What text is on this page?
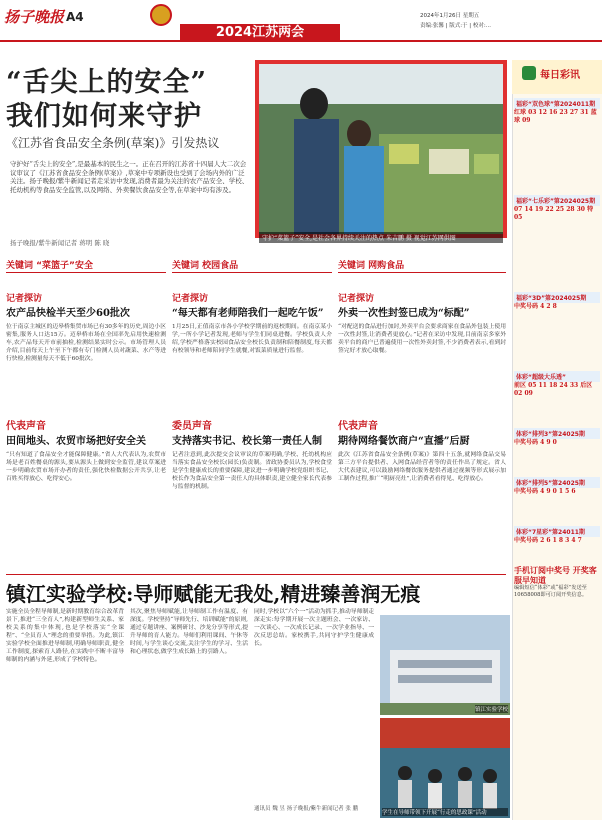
扬子晚报 A4
2024江苏两会
2024年1月26日 星期五
责编:张馨 | 版式:于 | 校对:...
“舌尖上的安全”
我们如何来守护
《江苏省食品安全条例(草案)》引发热议
守护“菜篮子”安全,是社会各界持续关注的热点 朱吉鹏 摄 视觉江苏网供图
守护好“舌尖上的安全”,是最基本的民生之一。正在召开的江苏省十四届人大二次会议审议了《江苏省食品安全条例(草案)》,草案中专项新设也受到了会场内外的广泛关注。扬子晚报/紫牛新闻记者走采访中发现,消费者最为关注的农产品安全、学校、托幼机构等食品安全监管,以及网络、外卖餐饮食品安全等,在草案中均有涉及。
扬子晚报/紫牛新闻记者 蒋明 陈 晓
关键词 “菜篮子”安全
记者探访
农产品快检半天至少60批次
位于南京主城区的迈皋桥集贸市场已有30多年的历史,周边小区密集,服务人口达15万。迈皋桥市场在全国率先启用快速检测车,农产品每天开市前抽检,检测结果实时公示。市场管理人员介绍,目前每天上午至下午都有专门检测人员对蔬菜、水产等进行快检,检测量每天不低于60批次。
代表声音
田间地头、农贸市场把好安全关
“只有知道了食品安全才能保障健康。”省人大代表认为,农贸市场是老百姓餐桌的源头,要从源头上做到安全监管,建议草案进一步明确农贸市场开办者的责任,强化快检数据公开共享,让老百姓买得放心、吃得安心。
关键词 校园食品
记者探访
“每天都有老师陪我们一起吃午饭”
1月25日,正值南京市各小学校学期前的返校期间。在南京某小学,一所小学记者发现,老师与学生们同桌进餐。学校负责人介绍,学校严格落实校园食品安全校长负责制和陪餐制度,每天都有校领导和老师陪同学生就餐,对饭菜质量进行监督。
委员声音
支持落实书记、校长第一责任人制
记者注意到,此次提交会议审议的草案明确,学校、托幼机构应当落实食品安全校长(园长)负责制。省政协委员认为,学校食堂是学生健康成长的重要保障,建议进一步明确学校党组织书记、校长作为食品安全第一责任人的具体职责,建立健全家长代表参与监督的机制。
关键词 网购食品
记者探访
外卖一次性封签已成为“标配”
“对配送的食品进行加封,外卖平台会要求商家在食品外包装上使用一次性封签,让消费者更放心。”记者在采访中发现,目前南京多家外卖平台的商户已普遍使用一次性外卖封签,不少消费者表示,看到封签完好才放心取餐。
代表声音
期待网络餐饮商户“直播”后厨
此次《江苏省食品安全条例(草案)》第四十五条,就网络食品交易第三方平台提供者、入网食品经营者等的责任作出了规定。省人大代表建议,可以鼓励网络餐饮服务提供者通过视频等形式展示加工制作过程,推广“明厨亮灶”,让消费者看得见、吃得放心。
每日彩讯
福彩“双色球”第2024011期
红球 03 12 16 23 27 31 蓝球 09
福彩“七乐彩”第2024025期
07 14 19 22 25 28 30 特 05
福彩“3D”第2024025期
中奖号码 4 2 8
体彩“超级大乐透”
前区 05 11 18 24 33 后区 02 09
体彩“排列3”第24025期
中奖号码 4 9 0
体彩“排列5”第24025期
中奖号码 4 9 0 1 5 6
体彩“7星彩”第24011期
中奖号码 2 6 1 8 3 4 7
手机订阅中奖号 开奖客服早知道
编辑短信“体彩”或“福彩”发送至10658008即可订阅开奖信息。
镇江实验学校:导师赋能无我处,精进臻善润无痕
实施全员全程导师制,是新时期教育综合改革背景下,推进“三全育人”,构建新型师生关系、家校关系的集中体现,也是学校落实“全课程”、“全员育人”理念的重要举措。为此,镇江实验学校全面推进导师制,明确导师职责,健全工作制度,探索育人路径,在实践中不断丰富导师制的内涵与外延,形成了学校特色。
其次,聚焦导师赋能,让导师制工作有温度、有深度。学校坚持“导师先行、培训赋能”的原则,通过专题讲座、案例研讨、沙龙分享等形式,提升导师的育人能力。导师们利用课间、午休等时间,与学生谈心交流,关注学生的学习、生活和心理状态,做学生成长路上的引路人。
同时,学校以“六个一”活动为抓手,推动导师制走深走实:每学期开展一次主题班会、一次家访、一次谈心、一次成长记录、一次学业指导、一次反思总结。家校携手,共同守护学生健康成长。
通讯员 魏 昱 扬子晚报/紫牛新闻记者 张 鹏
镇江实验学校
学生在导师带领下开展“行走的思政课”活动
